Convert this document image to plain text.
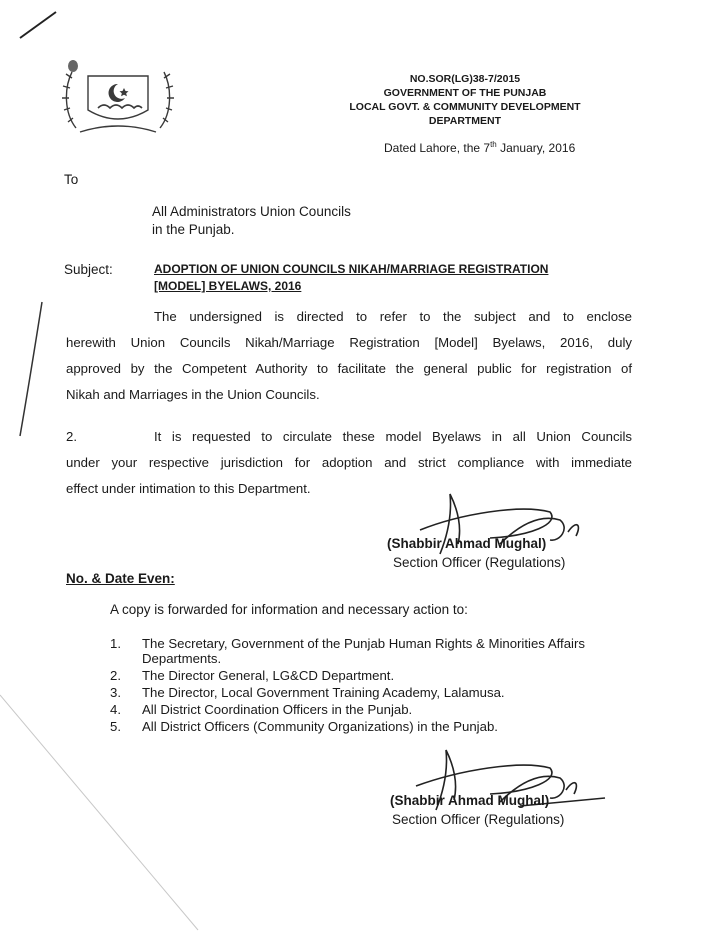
NO.SOR(LG)38-7/2015
GOVERNMENT OF THE PUNJAB
LOCAL GOVT. & COMMUNITY DEVELOPMENT
DEPARTMENT
Dated Lahore, the 7th January, 2016
To
All Administrators Union Councils
in the Punjab.
Subject:	ADOPTION OF UNION COUNCILS NIKAH/MARRIAGE REGISTRATION
[MODEL] BYELAWS, 2016
The undersigned is directed to refer to the subject and to enclose
herewith Union Councils Nikah/Marriage Registration [Model] Byelaws, 2016, duly
approved by the Competent Authority to facilitate the general public for registration of
Nikah and Marriages in the Union Councils.
2.	It is requested to circulate these model Byelaws in all Union Councils
under your respective jurisdiction for adoption and strict compliance with immediate
effect under intimation to this Department.
(Shabbir Ahmad Mughal)
Section Officer (Regulations)
No. & Date Even:
A copy is forwarded for information and necessary action to:
1.	The Secretary, Government of the Punjab Human Rights & Minorities Affairs
Departments.
2.	The Director General, LG&CD Department.
3.	The Director, Local Government Training Academy, Lalamusa.
4.	All District Coordination Officers in the Punjab.
5.	All District Officers (Community Organizations) in the Punjab.
(Shabbir Ahmad Mughal)
Section Officer (Regulations)
